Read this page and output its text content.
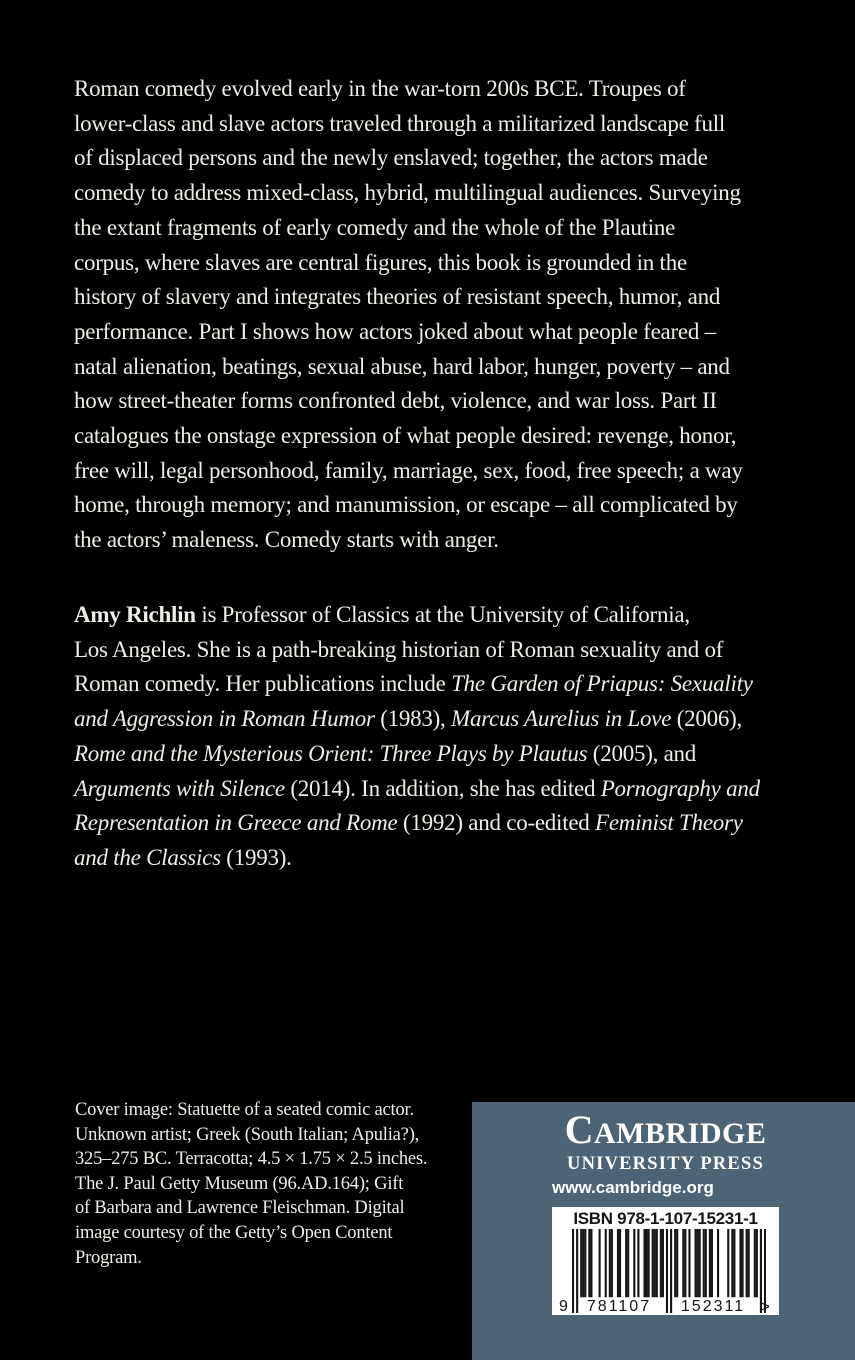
Roman comedy evolved early in the war-torn 200s BCE. Troupes of
lower-class and slave actors traveled through a militarized landscape full
of displaced persons and the newly enslaved; together, the actors made
comedy to address mixed-class, hybrid, multilingual audiences. Surveying
the extant fragments of early comedy and the whole of the Plautine
corpus, where slaves are central figures, this book is grounded in the
history of slavery and integrates theories of resistant speech, humor, and
performance. Part I shows how actors joked about what people feared –
natal alienation, beatings, sexual abuse, hard labor, hunger, poverty – and
how street-theater forms confronted debt, violence, and war loss. Part II
catalogues the onstage expression of what people desired: revenge, honor,
free will, legal personhood, family, marriage, sex, food, free speech; a way
home, through memory; and manumission, or escape – all complicated by
the actors’ maleness. Comedy starts with anger.
Amy Richlin is Professor of Classics at the University of California,
Los Angeles. She is a path-breaking historian of Roman sexuality and of
Roman comedy. Her publications include The Garden of Priapus: Sexuality
and Aggression in Roman Humor (1983), Marcus Aurelius in Love (2006),
Rome and the Mysterious Orient: Three Plays by Plautus (2005), and
Arguments with Silence (2014). In addition, she has edited Pornography and
Representation in Greece and Rome (1992) and co-edited Feminist Theory
and the Classics (1993).
Cover image: Statuette of a seated comic actor.
Unknown artist; Greek (South Italian; Apulia?),
325–275 BC. Terracotta; 4.5 × 1.75 × 2.5 inches.
The J. Paul Getty Museum (96.AD.164); Gift
of Barbara and Lawrence Fleischman. Digital
image courtesy of the Getty’s Open Content
Program.
CAMBRIDGE
UNIVERSITY PRESS
www.cambridge.org
ISBN 978-1-107-15231-1
9	781107	152311 >
